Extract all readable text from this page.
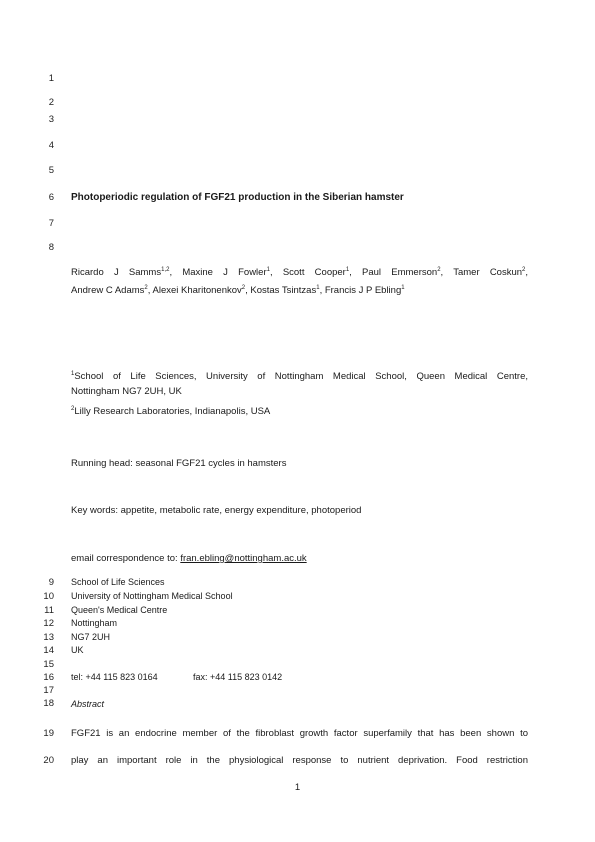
1
2
3
4
5
6
7
8
9
10
11
12
13
14
15
16
17
18
19
20
Photoperiodic regulation of FGF21 production in the Siberian hamster
Ricardo J Samms$^{1,2}$, Maxine J Fowler$^1$, Scott Cooper$^1$, Paul Emmerson$^2$, Tamer Coskun$^2$,
Andrew C Adams$^2$, Alexei Kharitonenkov$^2$, Kostas Tsintzas$^1$, Francis J P Ebling$^1$
$^1$School of Life Sciences, University of Nottingham Medical School, Queen Medical Centre,
Nottingham NG7 2UH, UK
$^2$Lilly Research Laboratories, Indianapolis, USA
Running head: seasonal FGF21 cycles in hamsters
Key words: appetite, metabolic rate, energy expenditure, photoperiod
email correspondence to: fran.ebling@nottingham.ac.uk
School of Life Sciences
University of Nottingham Medical School
Queen's Medical Centre
Nottingham
NG7 2UH
UK
tel: +44 115 823 0164	fax: +44 115 823 0142
Abstract
FGF21 is an endocrine member of the fibroblast growth factor superfamily that has been shown to
play an important role in the physiological response to nutrient deprivation. Food restriction
1
